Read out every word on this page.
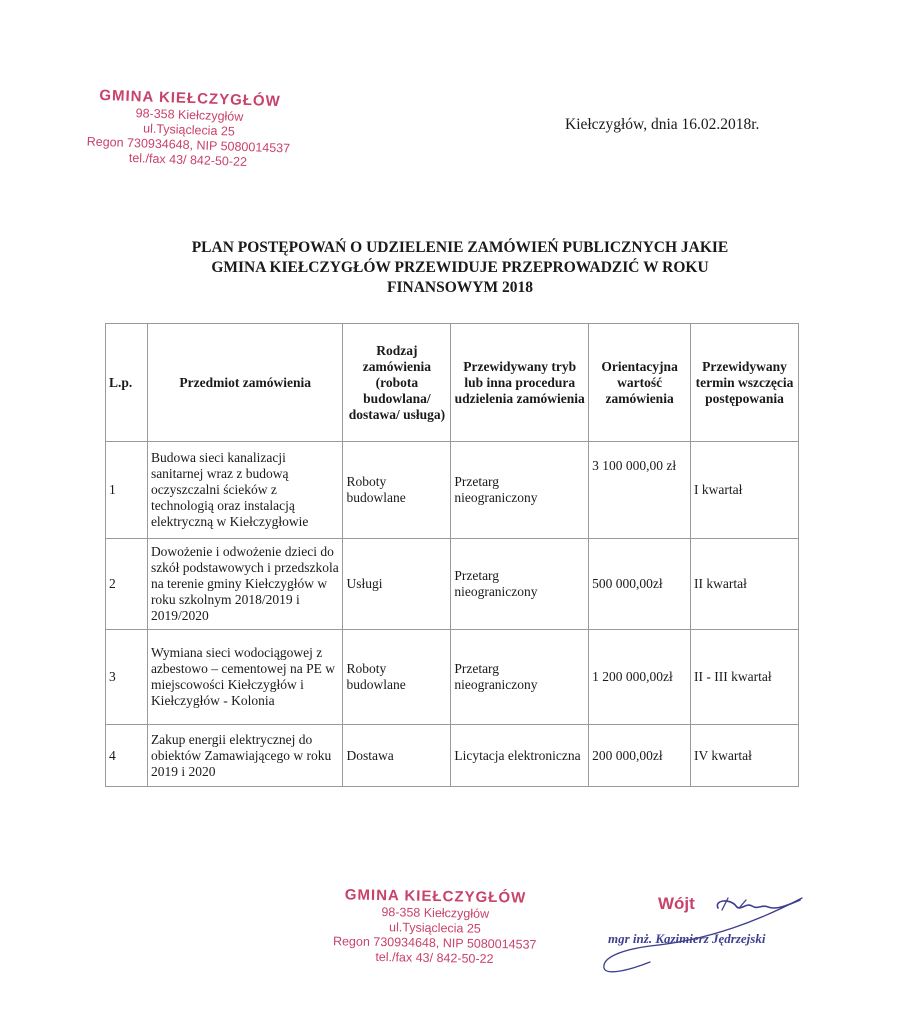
GMINA KIEŁCZYGŁÓW
98-358 Kiełczygłów
ul.Tysiąclecia 25
Regon 730934648, NIP 5080014537
tel./fax 43/ 842-50-22
Kiełczygłów, dnia 16.02.2018r.
PLAN POSTĘPOWAŃ O UDZIELENIE ZAMÓWIEŃ PUBLICZNYCH JAKIE
GMINA KIEŁCZYGŁÓW PRZEWIDUJE PRZEPROWADZIĆ W ROKU
FINANSOWYM 2018
L.p.	Przedmiot zamówienia	Rodzaj zamówienia (robota budowlana/ dostawa/ usługa)	Przewidywany tryb lub inna procedura udzielenia zamówienia	Orientacyjna wartość zamówienia	Przewidywany termin wszczęcia postępowania
1	Budowa sieci kanalizacji sanitarnej wraz z budową oczyszczalni ścieków z technologią oraz instalacją elektryczną w Kiełczygłowie	Roboty budowlane	Przetarg nieograniczony	3 100 000,00 zł	I kwartał
2	Dowożenie i odwożenie dzieci do szkół podstawowych i przedszkola na terenie gminy Kiełczygłów w roku szkolnym 2018/2019 i 2019/2020	Usługi	Przetarg nieograniczony	500 000,00zł	II kwartał
3	Wymiana sieci wodociągowej z azbestowo – cementowej na PE w miejscowości Kiełczygłów i Kiełczygłów - Kolonia	Roboty budowlane	Przetarg nieograniczony	1 200 000,00zł	II - III kwartał
4	Zakup energii elektrycznej do obiektów Zamawiającego w roku 2019 i 2020	Dostawa	Licytacja elektroniczna	200 000,00zł	IV kwartał
GMINA KIEŁCZYGŁÓW
98-358 Kiełczygłów
ul.Tysiąclecia 25
Regon 730934648, NIP 5080014537
tel./fax 43/ 842-50-22
Wójt
mgr inż. Kazimierz Jędrzejski
